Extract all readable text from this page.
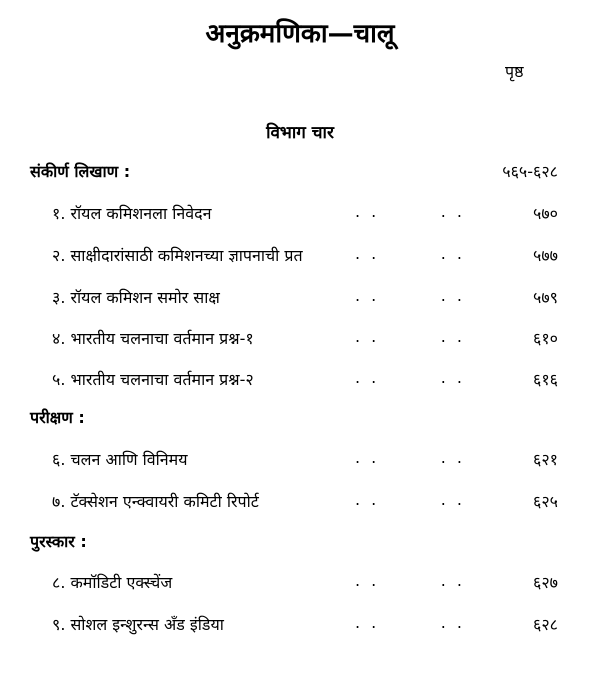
अनुक्रमणिका—चालू
पृष्ठ
विभाग चार
संकीर्ण लिखाण :	५६५-६२८
१. रॉयल कमिशनला निवेदन	. .	. .	५७०
२. साक्षीदारांसाठी कमिशनच्या ज्ञापनाची प्रत	. .	. .	५७७
३. रॉयल कमिशन समोर साक्ष	. .	. .	५७९
४. भारतीय चलनाचा वर्तमान प्रश्न-१	. .	. .	६१०
५. भारतीय चलनाचा वर्तमान प्रश्न-२	. .	. .	६१६
परीक्षण :
६. चलन आणि विनिमय	. .	. .	६२१
७. टॅक्सेशन एन्क्वायरी कमिटी रिपोर्ट	. .	. .	६२५
पुरस्कार :
८. कमॉडिटी एक्स्चेंज	. .	. .	६२७
९. सोशल इन्शुरन्स अँड इंडिया	. .	. .	६२८
